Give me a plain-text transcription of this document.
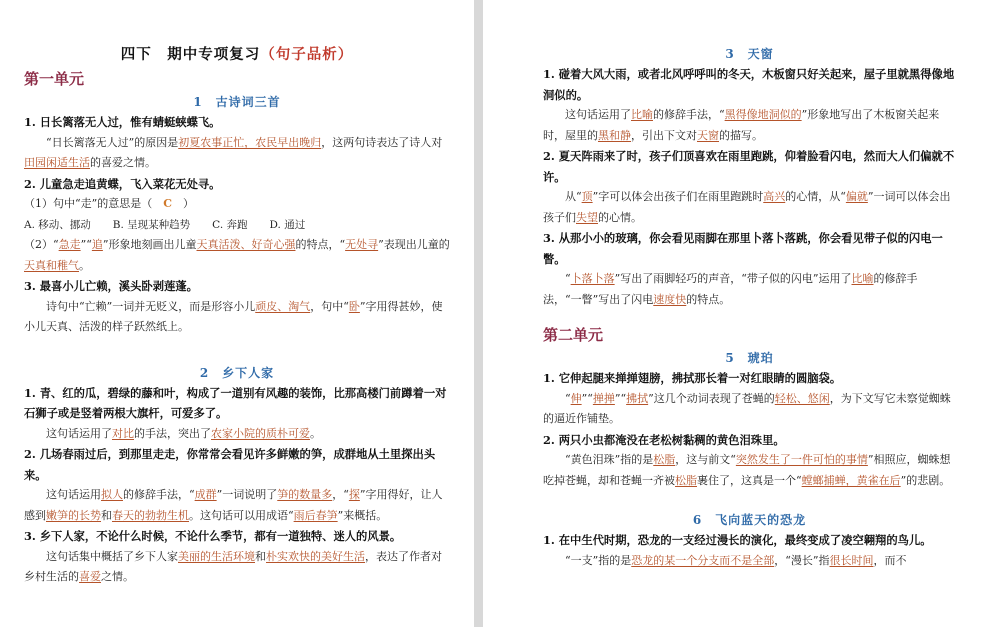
四下　期中专项复习（句子品析）

第一单元

1　古诗词三首

1. 日长篱落无人过，惟有蜻蜓蛱蝶飞。

“日长篱落无人过”的原因是初夏农事正忙，农民早出晚归，这两句诗表达了诗人对田园闲适生活的喜爱之情。

2. 儿童急走追黄蝶，飞入菜花无处寻。

（1）句中“走”的意思是（　C　）

A. 移动、挪动 B. 呈现某种趋势 C. 奔跑 D. 通过

（2）“急走”“追”形象地刻画出儿童天真活泼、好奇心强的特点，“无处寻”表现出儿童的天真和稚气。

3. 最喜小儿亡赖，溪头卧剥莲蓬。

诗句中“亡赖”一词并无贬义，而是形容小儿顽皮、淘气，句中“卧”字用得甚妙，使小儿天真、活泼的样子跃然纸上。

2　乡下人家

1. 青、红的瓜，碧绿的藤和叶，构成了一道别有风趣的装饰，比那高楼门前蹲着一对石狮子或是竖着两根大旗杆，可爱多了。

这句话运用了对比的手法，突出了农家小院的质朴可爱。

2. 几场春雨过后，到那里走走，你常常会看见许多鲜嫩的笋，成群地从土里探出头来。

这句话运用拟人的修辞手法，“成群”一词说明了笋的数量多，“探”字用得好，让人感到嫩笋的长势和春天的勃勃生机。这句话可以用成语“雨后春笋”来概括。

3. 乡下人家，不论什么时候，不论什么季节，都有一道独特、迷人的风景。

这句话集中概括了乡下人家美丽的生活环境和朴实欢快的美好生活，表达了作者对乡村生活的喜爱之情。

3　天窗

1. 碰着大风大雨，或者北风呼呼叫的冬天，木板窗只好关起来，屋子里就黑得像地洞似的。

这句话运用了比喻的修辞手法，“黑得像地洞似的”形象地写出了木板窗关起来时，屋里的黑和静，引出下文对天窗的描写。

2. 夏天阵雨来了时，孩子们顶喜欢在雨里跑跳，仰着脸看闪电，然而大人们偏就不许。

从“顶”字可以体会出孩子们在雨里跑跳时高兴的心情，从“偏就”一词可以体会出孩子们失望的心情。

3. 从那小小的玻璃，你会看见雨脚在那里卜落卜落跳，你会看见带子似的闪电一瞥。

“卜落卜落”写出了雨脚轻巧的声音，“带子似的闪电”运用了比喻的修辞手法，“一瞥”写出了闪电速度快的特点。

第二单元

5　琥珀

1. 它伸起腿来掸掸翅膀，拂拭那长着一对红眼睛的圆脑袋。

“伸”“掸掸”“拂拭”这几个动词表现了苍蝇的轻松、悠闲，为下文写它未察觉蜘蛛的逼近作铺垫。

2. 两只小虫都淹没在老松树黏稠的黄色泪珠里。

“黄色泪珠”指的是松脂，这与前文“突然发生了一件可怕的事情”相照应，蜘蛛想吃掉苍蝇，却和苍蝇一齐被松脂裹住了，这真是一个“螳螂捕蝉，黄雀在后”的悲剧。

6　飞向蓝天的恐龙

1. 在中生代时期，恐龙的一支经过漫长的演化，最终变成了凌空翱翔的鸟儿。

“一支”指的是恐龙的某一个分支而不是全部，“漫长”指很长时间，而不
